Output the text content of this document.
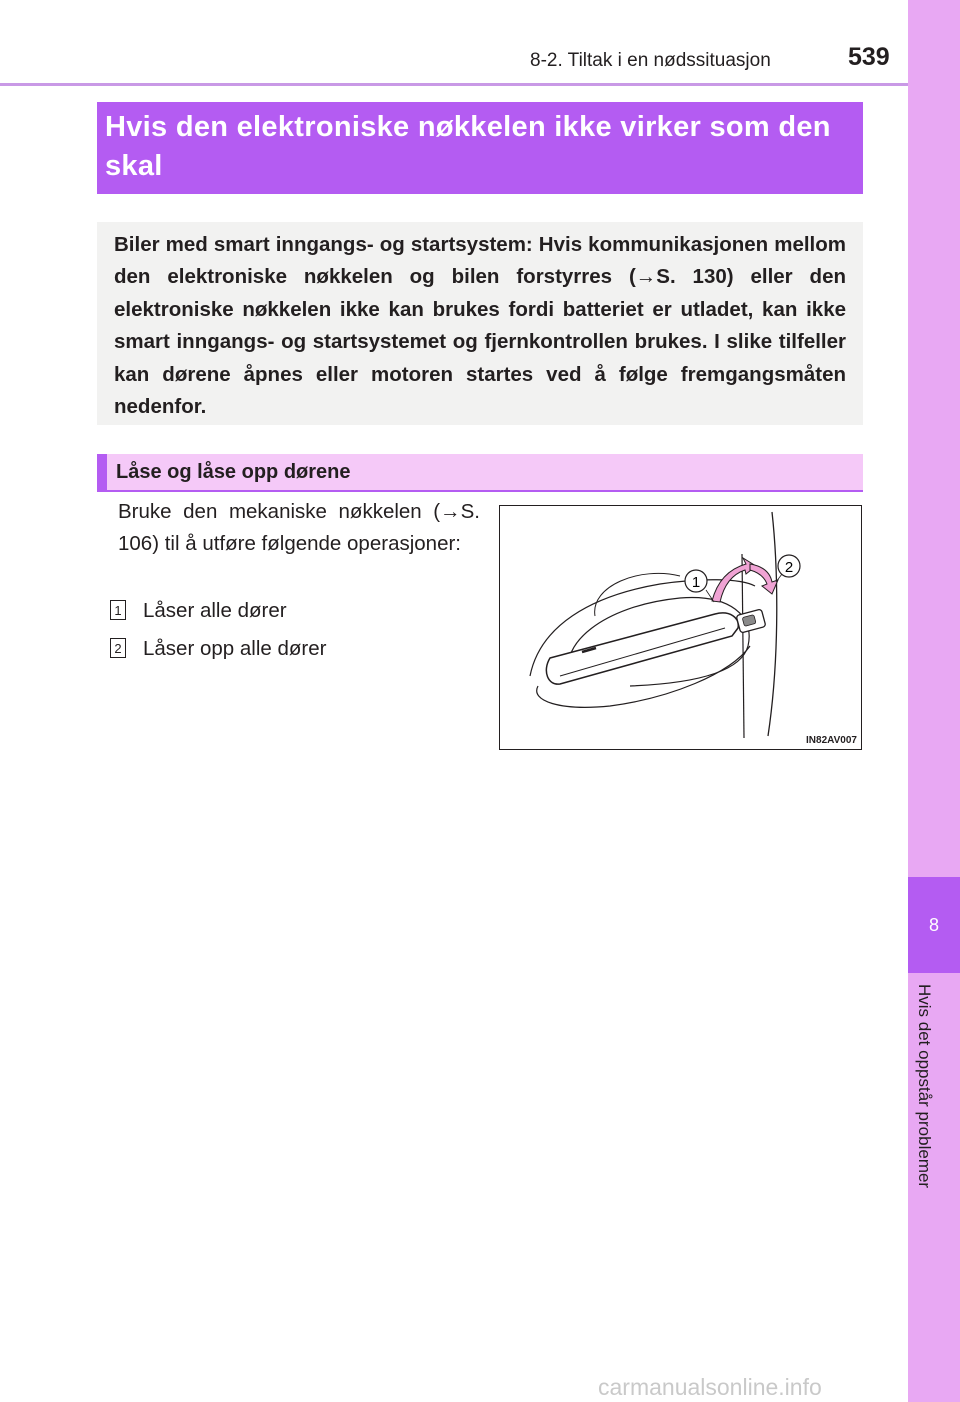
8
Hvis det oppstår problemer
8-2. Tiltak i en nødssituasjon	539
Hvis den elektroniske nøkkelen ikke virker som den skal
Biler med smart inngangs- og startsystem: Hvis kommunikasjonen mellom den elektroniske nøkkelen og bilen forstyrres (→S. 130) eller den elektroniske nøkkelen ikke kan brukes fordi batteriet er utladet, kan ikke smart inngangs- og startsystemet og fjernkontrollen brukes. I slike tilfeller kan dørene åpnes eller motoren startes ved å følge fremgangsmåten nedenfor.
Låse og låse opp dørene
Bruke den mekaniske nøkkelen (→S. 106) til å utføre følgende operasjoner:
1 Låser alle dører
2 Låser opp alle dører
1
2
IN82AV007
carmanualsonline.info
